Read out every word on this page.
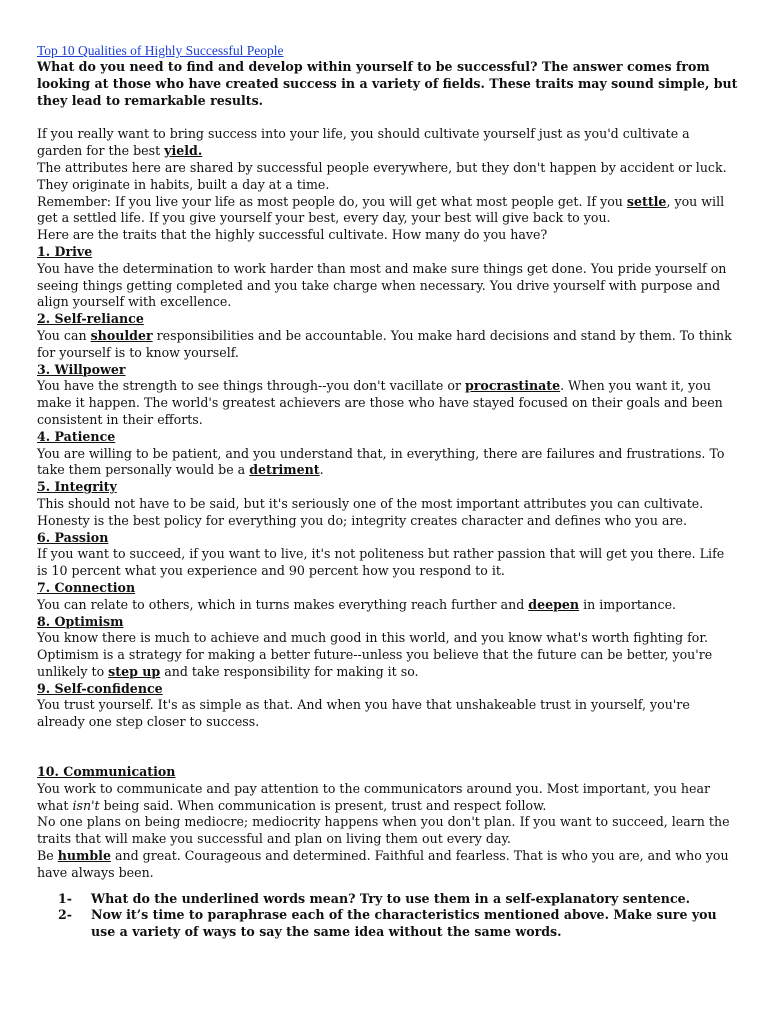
Top 10 Qualities of Highly Successful People

What do you need to find and develop within yourself to be successful? The answer comes from looking at those who have created success in a variety of fields. These traits may sound simple, but they lead to remarkable results.

If you really want to bring success into your life, you should cultivate yourself just as you'd cultivate a garden for the best yield.

The attributes here are shared by successful people everywhere, but they don't happen by accident or luck. They originate in habits, built a day at a time.

Remember: If you live your life as most people do, you will get what most people get. If you settle, you will get a settled life. If you give yourself your best, every day, your best will give back to you.

Here are the traits that the highly successful cultivate. How many do you have?

1. Drive

You have the determination to work harder than most and make sure things get done. You pride yourself on seeing things getting completed and you take charge when necessary. You drive yourself with purpose and align yourself with excellence.

2. Self-reliance

You can shoulder responsibilities and be accountable. You make hard decisions and stand by them. To think for yourself is to know yourself.

3. Willpower

You have the strength to see things through--you don't vacillate or procrastinate. When you want it, you make it happen. The world's greatest achievers are those who have stayed focused on their goals and been consistent in their efforts.

4. Patience

You are willing to be patient, and you understand that, in everything, there are failures and frustrations. To take them personally would be a detriment.

5. Integrity

This should not have to be said, but it's seriously one of the most important attributes you can cultivate. Honesty is the best policy for everything you do; integrity creates character and defines who you are.

6. Passion

If you want to succeed, if you want to live, it's not politeness but rather passion that will get you there. Life is 10 percent what you experience and 90 percent how you respond to it.

7. Connection

You can relate to others, which in turns makes everything reach further and deepen in importance.

8. Optimism

You know there is much to achieve and much good in this world, and you know what's worth fighting for. Optimism is a strategy for making a better future--unless you believe that the future can be better, you're unlikely to step up and take responsibility for making it so.

9. Self-confidence

You trust yourself. It's as simple as that. And when you have that unshakeable trust in yourself, you're already one step closer to success.

10. Communication

You work to communicate and pay attention to the communicators around you. Most important, you hear what isn't being said. When communication is present, trust and respect follow.

No one plans on being mediocre; mediocrity happens when you don't plan. If you want to succeed, learn the traits that will make you successful and plan on living them out every day.

Be humble and great. Courageous and determined. Faithful and fearless. That is who you are, and who you have always been.

1- What do the underlined words mean? Try to use them in a self-explanatory sentence.
2- Now it’s time to paraphrase each of the characteristics mentioned above. Make sure you use a variety of ways to say the same idea without the same words.
